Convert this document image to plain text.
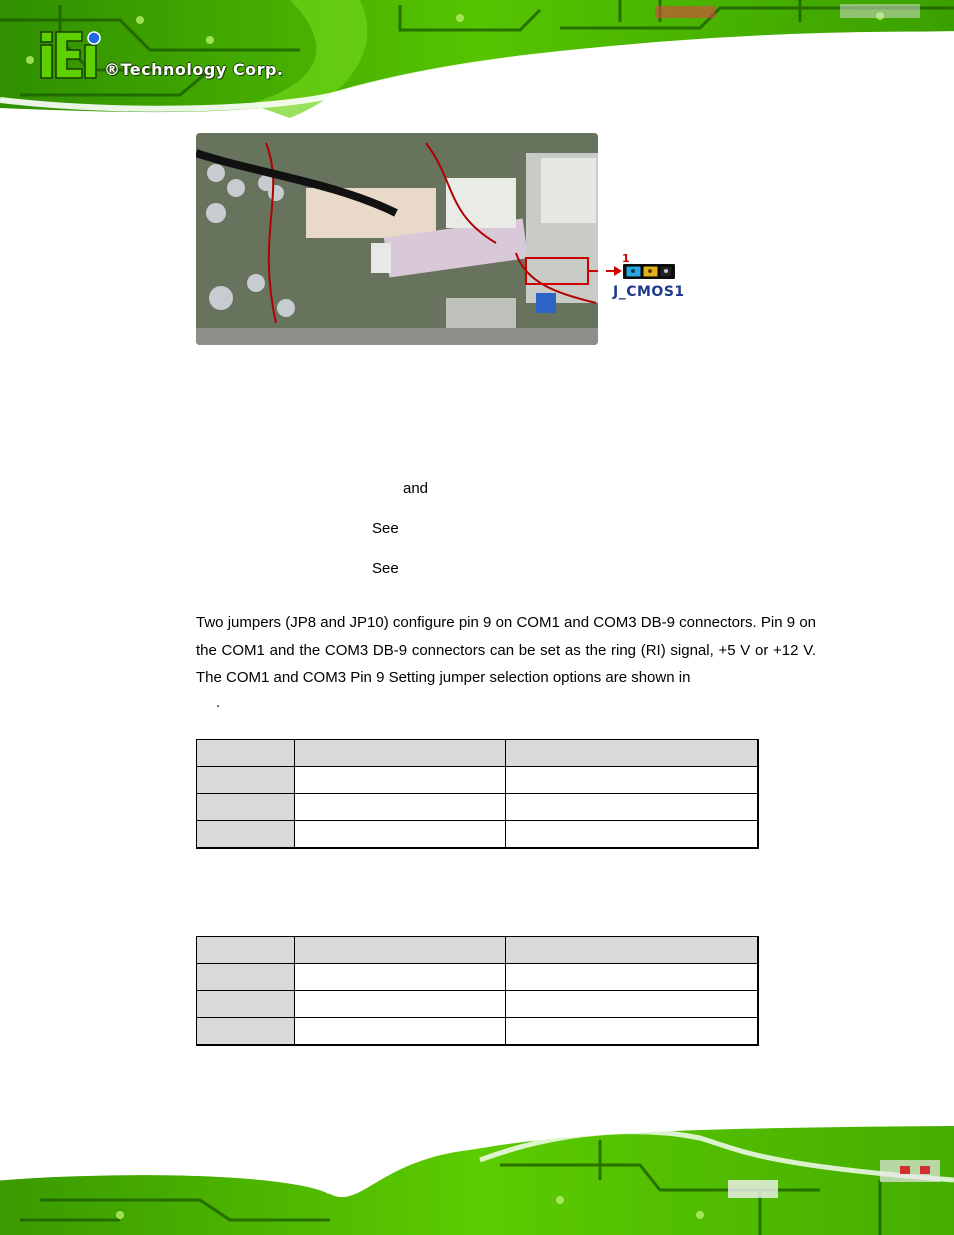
®Technology Corp.
1
J_CMOS1
and
See
See
Two jumpers (JP8 and JP10) configure pin 9 on COM1 and COM3 DB-9 connectors. Pin 9 on the COM1 and the COM3 DB-9 connectors can be set as the ring (RI) signal, +5 V or +12 V. The COM1 and COM3 Pin 9 Setting jumper selection options are shown in
.
